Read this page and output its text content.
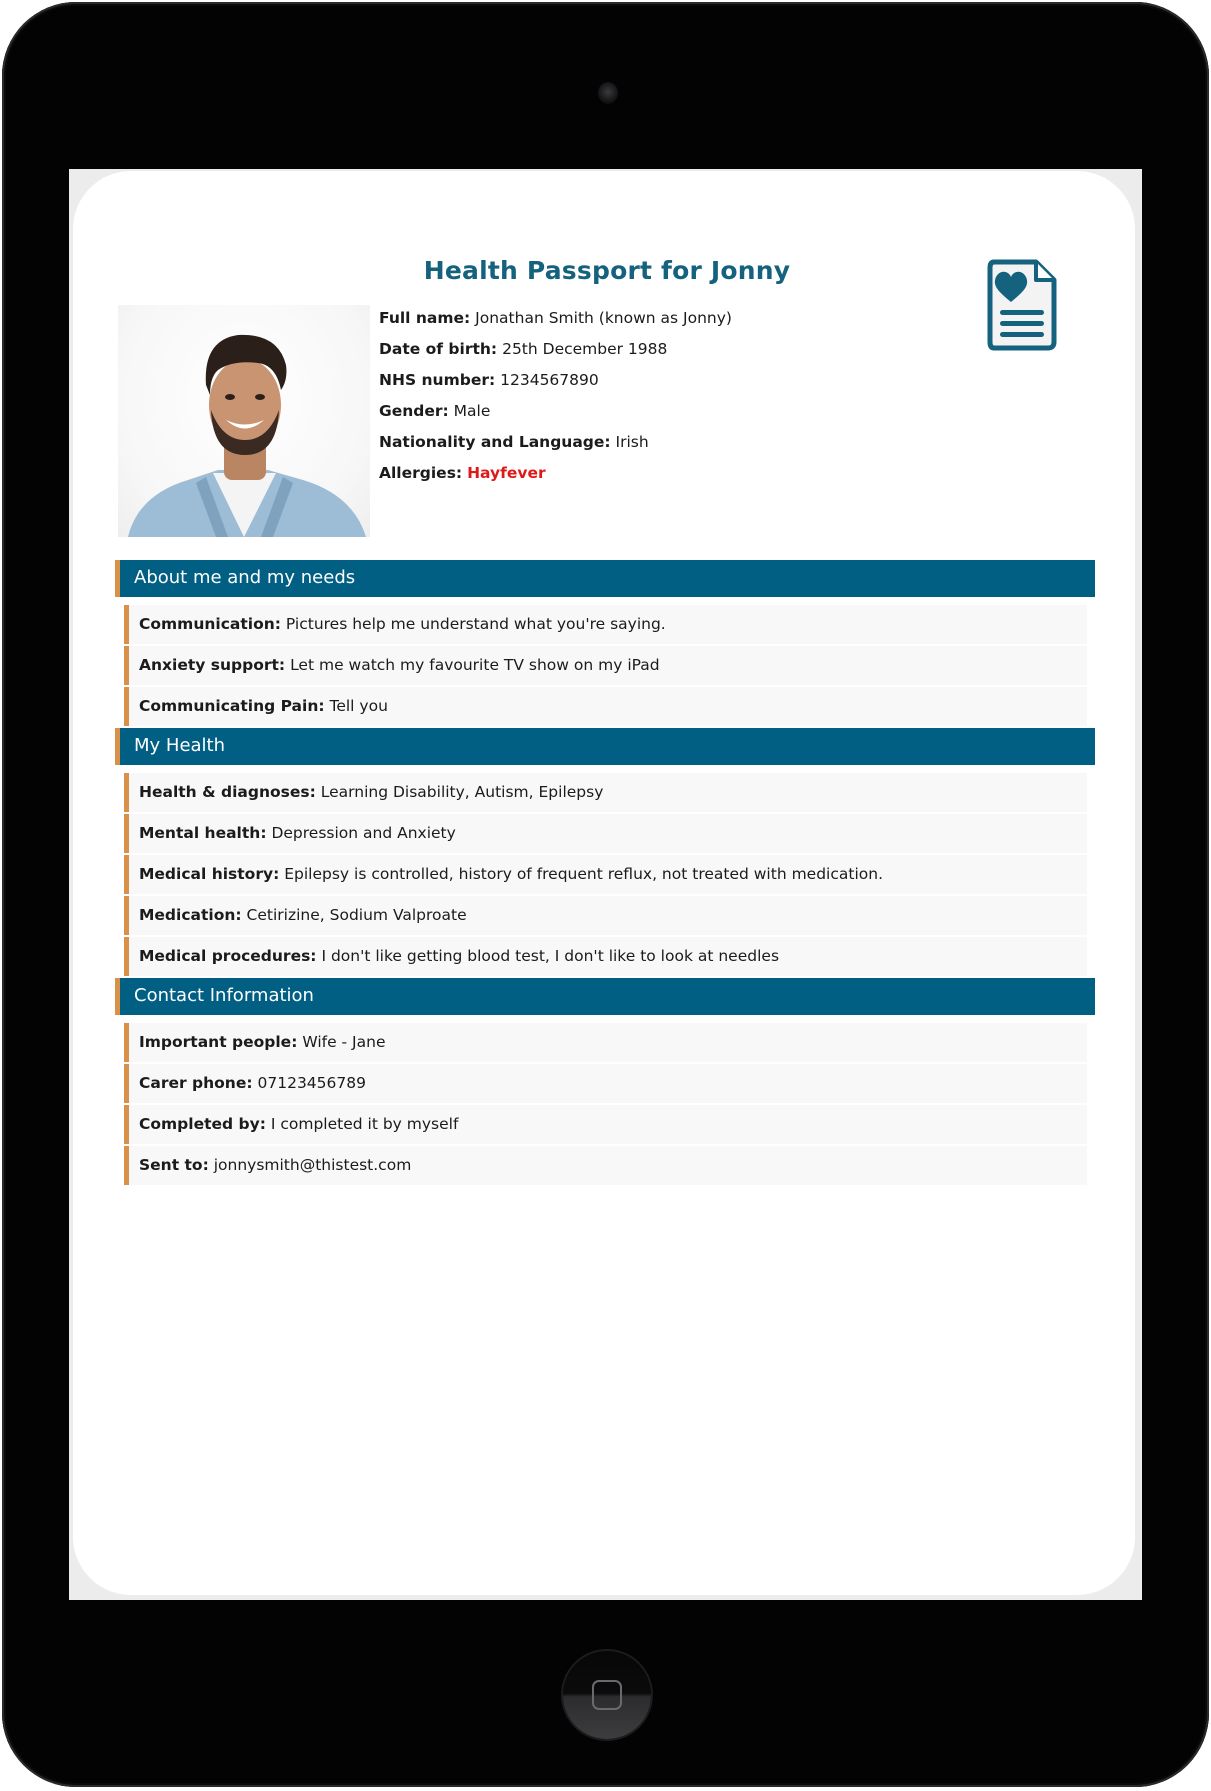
Health Passport for Jonny
Full name: Jonathan Smith (known as Jonny)
Date of birth: 25th December 1988
NHS number: 1234567890
Gender: Male
Nationality and Language: Irish
Allergies: Hayfever
About me and my needs
Communication: Pictures help me understand what you're saying.
Anxiety support: Let me watch my favourite TV show on my iPad
Communicating Pain: Tell you
My Health
Health & diagnoses: Learning Disability, Autism, Epilepsy
Mental health: Depression and Anxiety
Medical history: Epilepsy is controlled, history of frequent reflux, not treated with medication.
Medication: Cetirizine, Sodium Valproate
Medical procedures: I don't like getting blood test, I don't like to look at needles
Contact Information
Important people: Wife - Jane
Carer phone: 07123456789
Completed by: I completed it by myself
Sent to: jonnysmith@thistest.com
